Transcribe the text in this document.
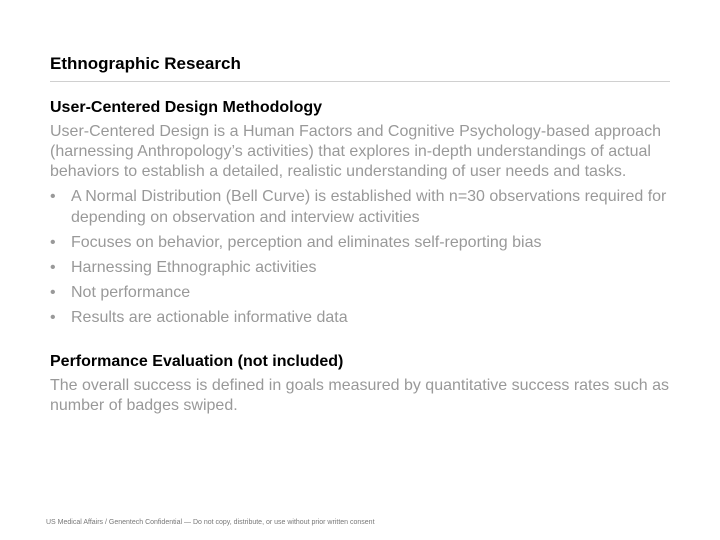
Ethnographic Research
User-Centered Design Methodology
User-Centered Design is a Human Factors and Cognitive Psychology-based approach (harnessing Anthropology’s activities) that explores in-depth understandings of actual behaviors to establish a detailed, realistic understanding of user needs and tasks.
• A Normal Distribution (Bell Curve) is established with n=30 observations required for depending on observation and interview activities
• Focuses on behavior, perception and eliminates self-reporting bias
• Harnessing Ethnographic activities
• Not performance
• Results are actionable informative data
Performance Evaluation (not included)
The overall success is defined in goals measured by quantitative success rates such as number of badges swiped.
US Medical Affairs / Genentech Confidential — Do not copy, distribute, or use without prior written consent
